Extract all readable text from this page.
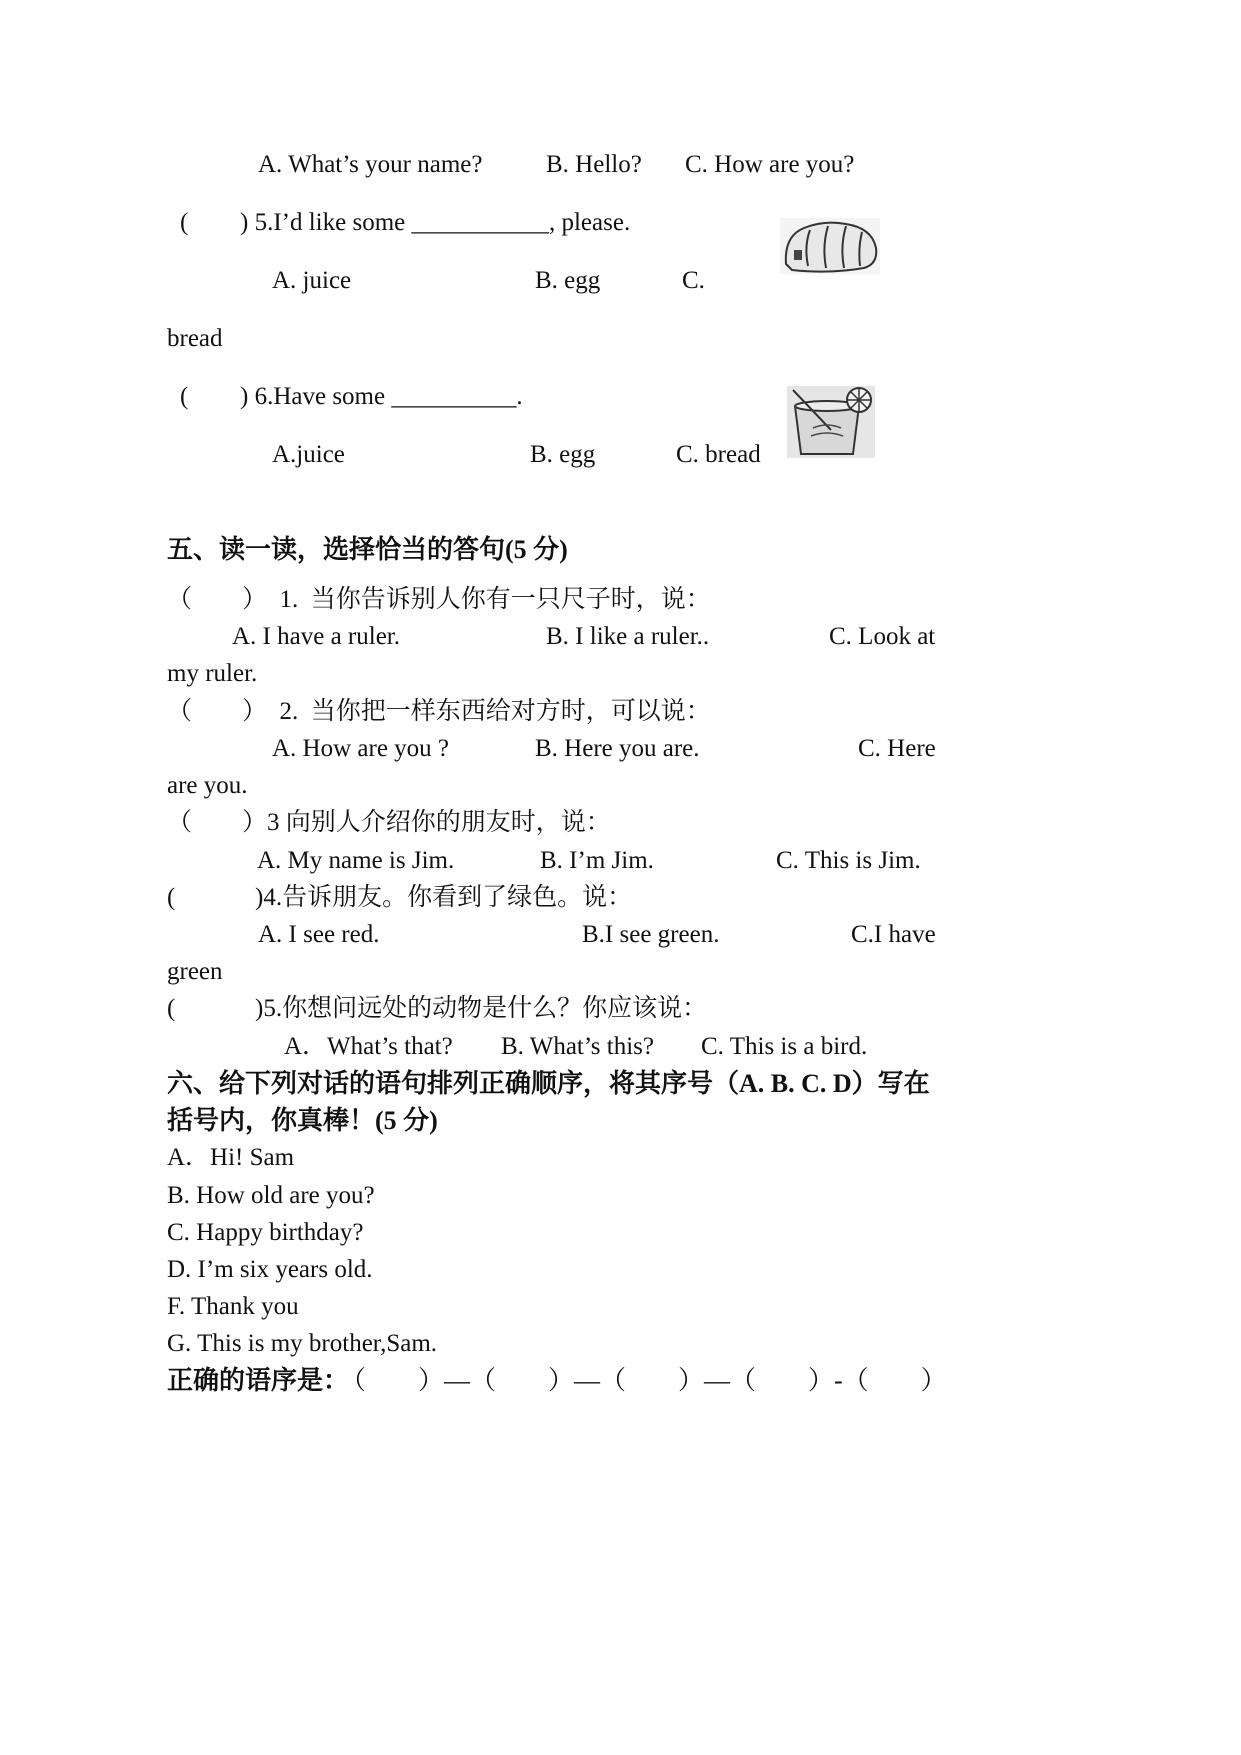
A. What’s your name?	B. Hello? C. How are you?
( ) 5.I’d like some ___________, please.
A. juice	B. egg	C.
bread
( ) 6.Have some __________.
A.juice	B. egg	C. bread
五、读一读，选择恰当的答句(5 分)
（　　）  1.  当你告诉别人你有一只尺子时，说：
A. I have a ruler.	B. I like a ruler..	C. Look at
my ruler.
（　　）  2.  当你把一样东西给对方时，可以说：
A. How are you ?	B. Here you are.	C. Here
are you.
（　　）3 向别人介绍你的朋友时，说：
A. My name is Jim.	B. I’m Jim.	C. This is Jim.
(	)4.告诉朋友。你看到了绿色。说：
A. I see red.	B.I see green.	C.I have
green
(	)5.你想问远处的动物是什么？你应该说：
A．What’s that? B. What’s this? C. This is a bird.
六、给下列对话的语句排列正确顺序，将其序号（A. B. C. D）写在
括号内，你真棒！(5 分)
A．Hi! Sam
B. How old are you?
C. Happy birthday?
D. I’m six years old.
F. Thank you
G. This is my brother,Sam.
正确的语序是：
（　　）—（　　）—（　　）—（　　）-（　　）
